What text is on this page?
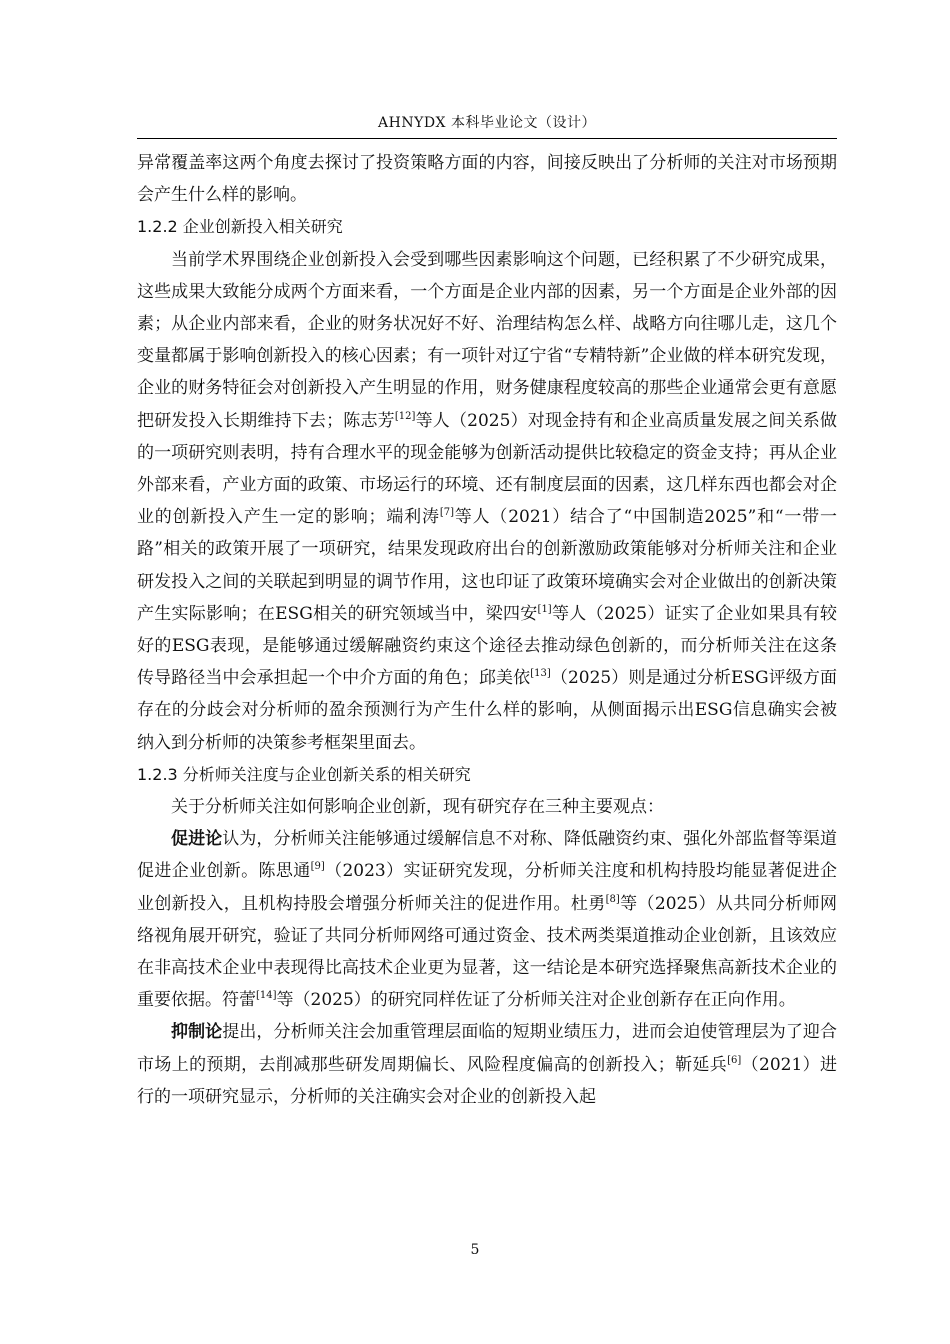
AHNYDX 本科毕业论文（设计）

异常覆盖率这两个角度去探讨了投资策略方面的内容，间接反映出了分析师的关注对市场预期会产生什么样的影响。

1.2.2 企业创新投入相关研究

当前学术界围绕企业创新投入会受到哪些因素影响这个问题，已经积累了不少研究成果，这些成果大致能分成两个方面来看，一个方面是企业内部的因素，另一个方面是企业外部的因素；从企业内部来看，企业的财务状况好不好、治理结构怎么样、战略方向往哪儿走，这几个变量都属于影响创新投入的核心因素；有一项针对辽宁省“专精特新”企业做的样本研究发现，企业的财务特征会对创新投入产生明显的作用，财务健康程度较高的那些企业通常会更有意愿把研发投入长期维持下去；陈志芳[12]等人（2025）对现金持有和企业高质量发展之间关系做的一项研究则表明，持有合理水平的现金能够为创新活动提供比较稳定的资金支持；再从企业外部来看，产业方面的政策、市场运行的环境、还有制度层面的因素，这几样东西也都会对企业的创新投入产生一定的影响；端利涛[7]等人（2021）结合了“中国制造2025”和“一带一路”相关的政策开展了一项研究，结果发现政府出台的创新激励政策能够对分析师关注和企业研发投入之间的关联起到明显的调节作用，这也印证了政策环境确实会对企业做出的创新决策产生实际影响；在ESG相关的研究领域当中，梁四安[1]等人（2025）证实了企业如果具有较好的ESG表现，是能够通过缓解融资约束这个途径去推动绿色创新的，而分析师关注在这条传导路径当中会承担起一个中介方面的角色；邱美依[13]（2025）则是通过分析ESG评级方面存在的分歧会对分析师的盈余预测行为产生什么样的影响，从侧面揭示出ESG信息确实会被纳入到分析师的决策参考框架里面去。

1.2.3 分析师关注度与企业创新关系的相关研究

关于分析师关注如何影响企业创新，现有研究存在三种主要观点：

促进论认为，分析师关注能够通过缓解信息不对称、降低融资约束、强化外部监督等渠道促进企业创新。陈思通[9]（2023）实证研究发现，分析师关注度和机构持股均能显著促进企业创新投入，且机构持股会增强分析师关注的促进作用。杜勇[8]等（2025）从共同分析师网络视角展开研究，验证了共同分析师网络可通过资金、技术两类渠道推动企业创新，且该效应在非高技术企业中表现得比高技术企业更为显著，这一结论是本研究选择聚焦高新技术企业的重要依据。符蕾[14]等（2025）的研究同样佐证了分析师关注对企业创新存在正向作用。

抑制论提出，分析师关注会加重管理层面临的短期业绩压力，进而会迫使管理层为了迎合市场上的预期，去削减那些研发周期偏长、风险程度偏高的创新投入；靳延兵[6]（2021）进行的一项研究显示，分析师的关注确实会对企业的创新投入起

5
